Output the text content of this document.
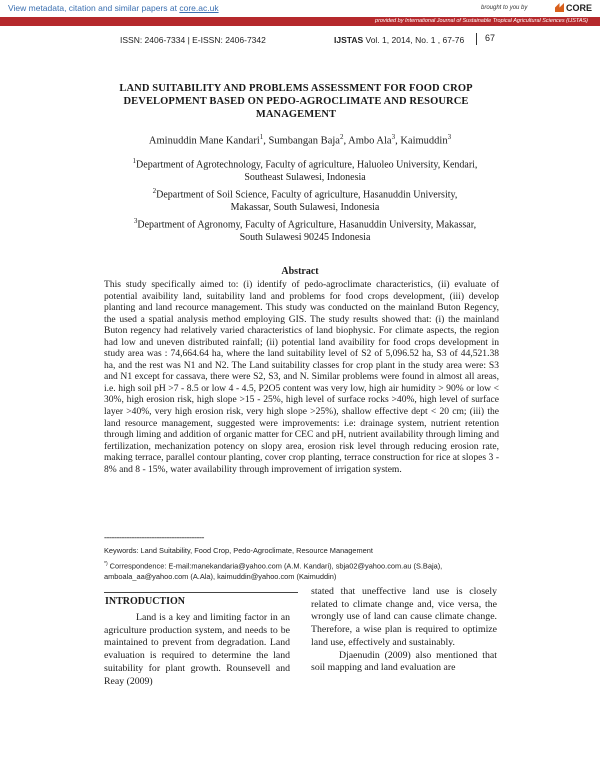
View metadata, citation and similar papers at core.ac.uk	brought to you by	CORE
provided by International Journal of Sustainable Tropical Agricultural Sciences (IJSTAS)
ISSN: 2406-7334 | E-ISSN: 2406-7342	IJSTAS Vol. 1, 2014, No. 1 , 67-76	67
LAND SUITABILITY AND PROBLEMS ASSESSMENT FOR FOOD CROP
DEVELOPMENT BASED ON PEDO-AGROCLIMATE AND RESOURCE
MANAGEMENT
Aminuddin Mane Kandari$^1$, Sumbangan Baja$^2$, Ambo Ala$^3$, Kaimuddin$^3$
$^1$Department of Agrotechnology, Faculty of agriculture, Haluoleo University, Kendari,
Southeast Sulawesi, Indonesia
$^2$Department of Soil Science, Faculty of agriculture, Hasanuddin University,
Makassar, South Sulawesi, Indonesia
$^3$Department of Agronomy, Faculty of Agriculture, Hasanuddin University, Makassar,
South Sulawesi 90245 Indonesia
Abstract
This study specifically aimed to: (i) identify of pedo-agroclimate characteristics, (ii) evaluate of potential avaibility land, suitability land and problems for food crops development, (iii) develop planting and land recource management. This study was conducted on the mainland Buton Regency, the used a spatial analysis method employing GIS. The study results showed that: (i) the mainland Buton regency had relatively varied characteristics of land biophysic. For climate aspects, the region had low and uneven distributed rainfall; (ii) potential land avaibility for food crops development in study area was : 74,664.64 ha, where the land suitability level of S2 of 5,096.52 ha, S3 of 44,521.38 ha, and the rest was N1 and N2. The Land suitability classes for crop plant in the study area were: S3 and N1 except for cassava, there were S2, S3, and N. Similar problems were found in almost all areas, i.e. high soil pH >7 - 8.5 or low 4 - 4.5, P2O5 content was very low, high air humidity > 90% or low < 30%, high erosion risk, high slope >15 - 25%, high level of surface rocks >40%, high level of surface layer >40%, very high erosion risk, very high slope >25%), shallow effective dept < 20 cm; (iii) the land resource management, suggested were improvements: i.e: drainage system, nutrient retention through liming and addition of organic matter for CEC and pH, nutrient availability through liming and fertilization, mechanization potency on slopy area, erosion risk level through reducing erosion rate, making terrace, parallel contour planting, cover crop planting, terrace construction for rice at slopes 3 - 8% and 8 - 15%, water availability through improvement of irrigation system.
----------------------------------------
Keywords: Land Suitability, Food Crop, Pedo-Agroclimate, Resource Management
*) Correspondence: E-mail:manekandaria@yahoo.com (A.M. Kandari), sbja02@yahoo.com.au (S.Baja),
amboala_aa@yahoo.com (A.Ala), kaimuddin@yahoo.com (Kaimuddin)
INTRODUCTION
Land is a key and limiting factor in an agriculture production system, and needs to be maintained to prevent from degradation. Land evaluation is required to determine the land suitability for plant growth. Rounsevell and Reay (2009)

stated that uneffective land use is closely related to climate change and, vice versa, the wrongly use of land can cause climate change. Therefore, a wise plan is required to optimize land use, effectively and sustainably.

Djaenudin (2009) also mentioned that soil mapping and land evaluation are
